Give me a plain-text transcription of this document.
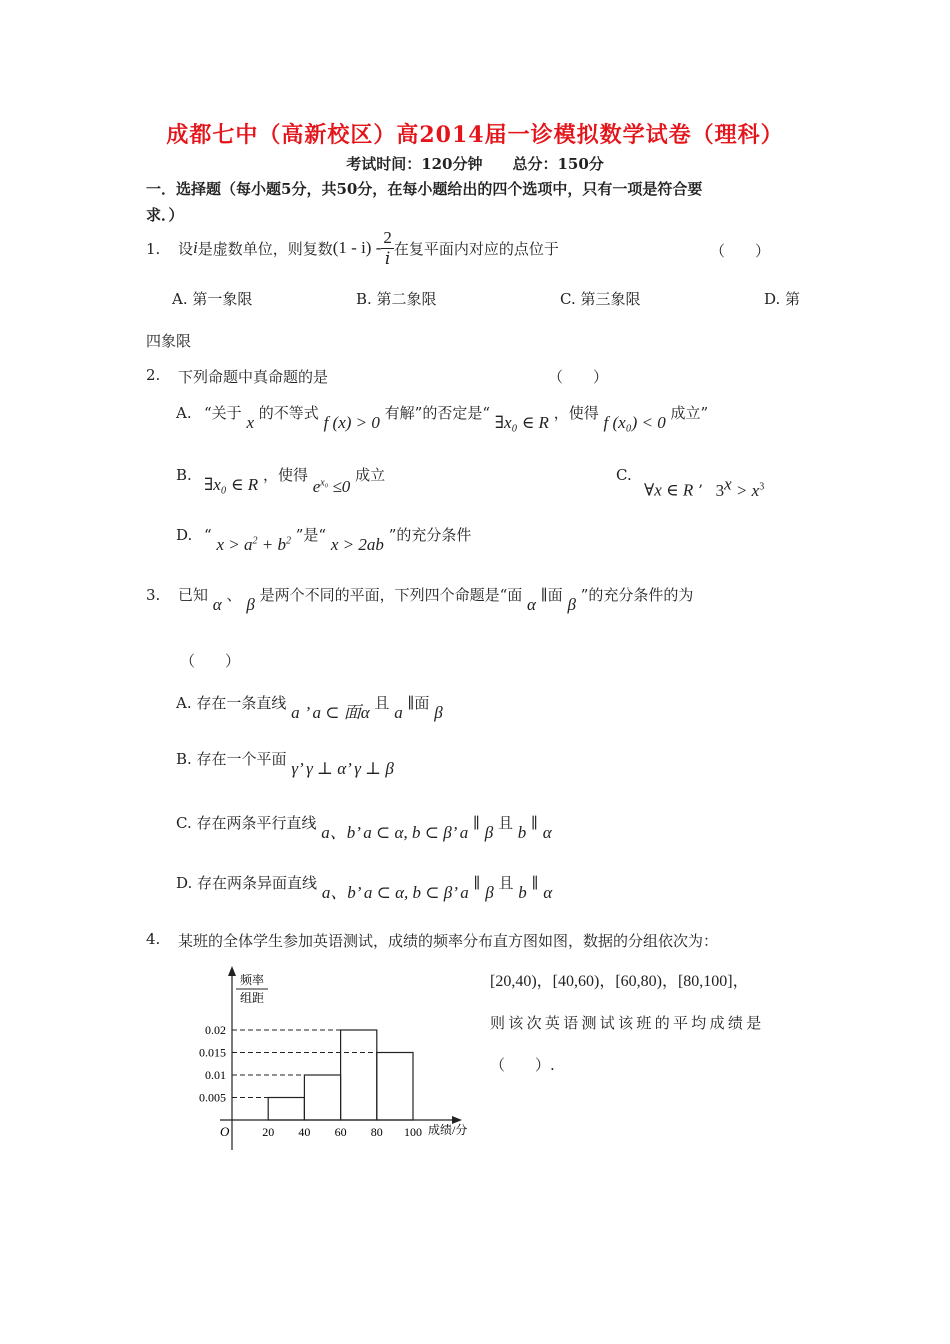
成都七中（高新校区）高2014届一诊模拟数学试卷（理科）
考试时间：120分钟　　总分：150分
一．选择题（每小题5分，共50分，在每小题给出的四个选项中，只有一项是符合要
求．）
1. 设 i 是虚数单位，则复数 $(1 - i) - \frac{2}{i}$ 在复平面内对应的点位于	（　　）
A. 第一象限	B. 第二象限	C. 第三象限	D. 第
四象限
2. 下列命题中真命题的是	（　　）
A. “关于 x 的不等式 f (x) > 0 有解”的否定是“ ∃x₀ ∈ R ，使得 f (x₀) < 0 成立”
B. ∃x₀ ∈ R ，使得 $e^{x_0} \le 0$ 成立	C.
∀x ∈ R ’ $3^x > x^3$
D. “ $x > a^2 + b^2$ ”是“ x > 2ab ”的充分条件
3. 已知 α 、 β 是两个不同的平面，下列四个命题是“面 α ∥面 β ”的充分条件的为
（　　）
A. 存在一条直线 a ’ a ⊂ 面α 且 a ∥面 β
B. 存在一个平面 γ’ γ ⊥ α’ γ ⊥ β
C. 存在两条平行直线 a、b’ a ⊂ α, b ⊂ β’ a ∥ β 且 b ∥ α
D. 存在两条异面直线 a、b’ a ⊂ α, b ⊂ β’ a ∥ β 且 b ∥ α
4. 某班的全体学生参加英语测试，成绩的频率分布直方图如图，数据的分组依次为：
[20,40)，[40,60)，[60,80)，[80,100]，
则该次英语测试该班的平均成绩是
（　　）.
频率
组距
O	成绩/分
0.005
0.01
0.015
0.02
20 40 60 80 100
